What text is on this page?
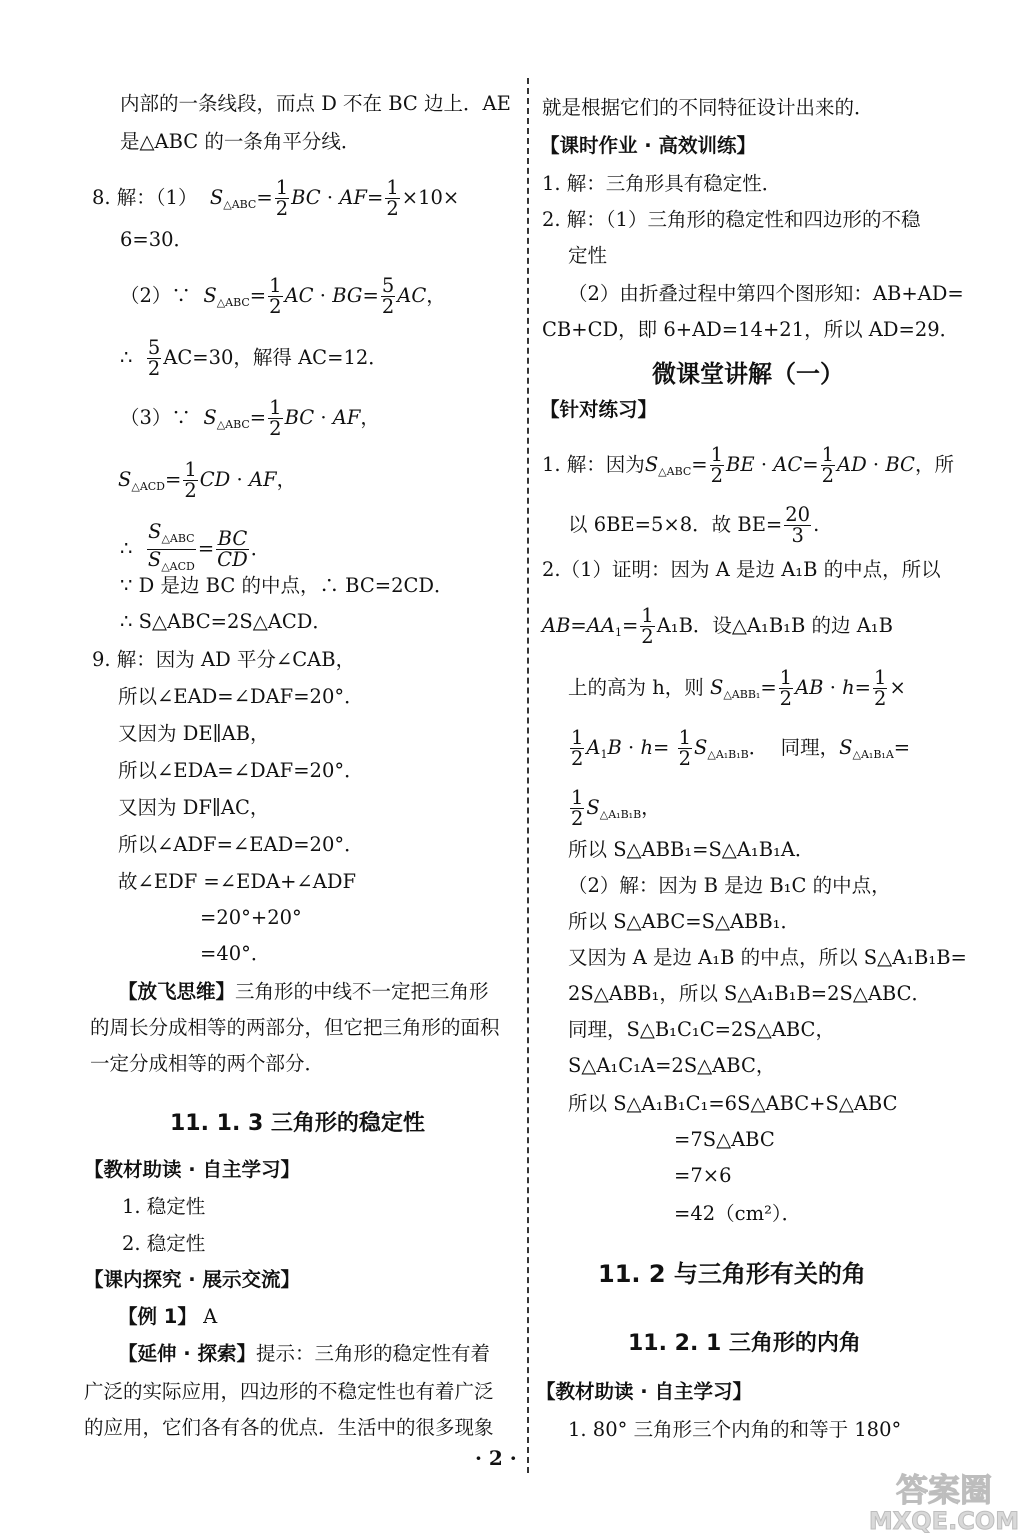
内部的一条线段，而点 D 不在 BC 边上．AE
是△ABC 的一条角平分线．
8. 解：（1） $S_{\triangle ABC}= \frac{1}{2}$ BC · $AF= \frac{1}{2} \times 10\times$
6=30．
（2）∵ $S_{\triangle ABC}= \frac{1}{2}$ AC · $BG= \frac{5}{2}$ AC，
∴ $\frac{5}{2} AC=30$，解得 AC=12．
（3）∵ $S_{\triangle ABC}= \frac{1}{2}$ BC · AF，
$S_{\triangle ACD}= \frac{1}{2}$ CD · AF，
∴ $\frac{S_{\triangle ABC}}{S_{\triangle ACD}} = \frac{BC}{CD}$ ．
∵ D 是边 BC 的中点，∴ BC=2CD．
∴ S△ABC=2S△ACD．
9. 解：因为 AD 平分∠CAB，
所以∠EAD=∠DAF=20°．
又因为 DE∥AB，
所以∠EDA=∠DAF=20°．
又因为 DF∥AC，
所以∠ADF=∠EAD=20°．
故∠EDF =∠EDA+∠ADF
=20°+20°
=40°．
【放飞思维】三角形的中线不一定把三角形
的周长分成相等的两部分，但它把三角形的面积
一定分成相等的两个部分．
11. 1. 3 三角形的稳定性
【教材助读 · 自主学习】
1. 稳定性
2. 稳定性
【课内探究 · 展示交流】
【例 1】 A
【延伸 · 探索】提示：三角形的稳定性有着
广泛的实际应用，四边形的不稳定性也有着广泛
的应用，它们各有各的优点．生活中的很多现象
就是根据它们的不同特征设计出来的．
【课时作业 · 高效训练】
1. 解：三角形具有稳定性．
2. 解：（1）三角形的稳定性和四边形的不稳
定性
（2）由折叠过程中第四个图形知：AB+AD=
CB+CD，即 6+AD=14+21，所以 AD=29．
微课堂讲解（一）
【针对练习】
1. 解：因为$S_{\triangle ABC}= \frac{1}{2}$ BE · $AC= \frac{1}{2}$ AD · BC，所
以 6BE=5×8．故 $BE= \frac{20}{3}$ .
2.（1）证明：因为 A 是边 A₁B 的中点，所以
$AB=AA_1= \frac{1}{2} A_1B$．设△A₁B₁B 的边 A₁B
上的高为 h，则 $S_{\triangle ABB_1}= \frac{1}{2}$ AB · $h= \frac{1}{2}$ ×
$\frac{1}{2} A_1B \cdot h= \frac{1}{2} S_{\triangle A_1B_1B}$．  同理，$S_{\triangle A_1B_1A}=$
$\frac{1}{2} S_{\triangle A_1B_1B}$，
所以 S△ABB₁=S△A₁B₁A．
（2）解：因为 B 是边 B₁C 的中点，
所以 S△ABC=S△ABB₁．
又因为 A 是边 A₁B 的中点，所以 S△A₁B₁B=
2S△ABB₁，所以 S△A₁B₁B=2S△ABC．
同理，S△B₁C₁C=2S△ABC，
S△A₁C₁A=2S△ABC，
所以 S△A₁B₁C₁=6S△ABC+S△ABC
=7S△ABC
=7×6
=42（cm²）．
11. 2 与三角形有关的角
11. 2. 1 三角形的内角
【教材助读 · 自主学习】
1. 80° 三角形三个内角的和等于 180°
· 2 ·
答案圈
MXQE.COM
